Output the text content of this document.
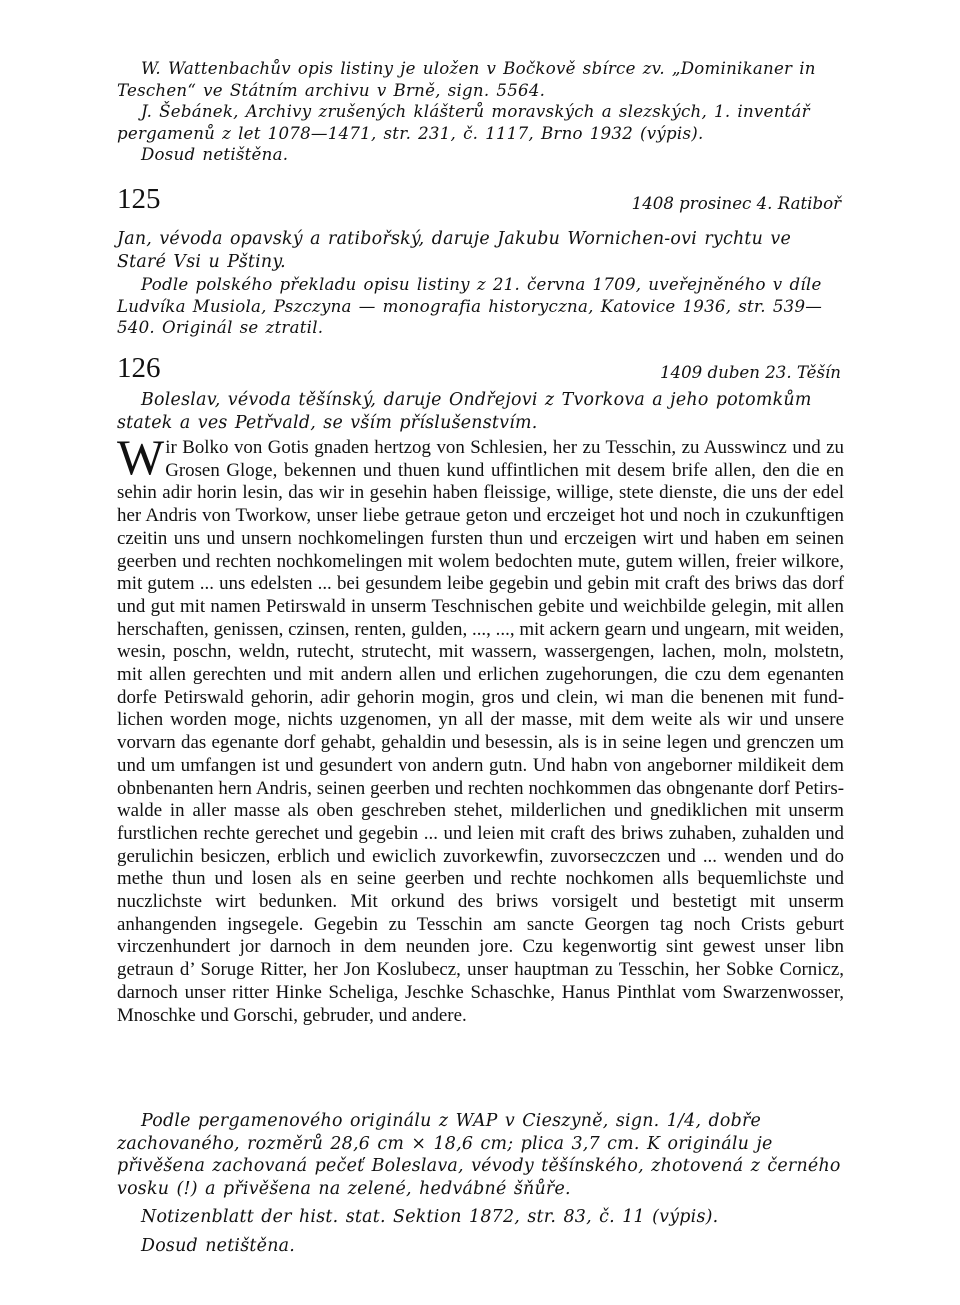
W. Wattenbachův opis listiny je uložen v Bočkově sbírce zv. „Dominikaner in Teschen“ ve Státním archivu v Brně, sign. 5564.

J. Šebánek, Archivy zrušených klášterů moravských a slezských, 1. inventář pergamenů z let 1078—1471, str. 231, č. 1117, Brno 1932 (výpis).

Dosud netištěna.

125	1408 prosinec 4. Ratiboř

Jan, vévoda opavský a ratibořský, daruje Jakubu Wornichen-ovi rychtu ve Staré Vsi u Pštiny.

Podle polského překladu opisu listiny z 21. června 1709, uveřejněného v díle Ludvíka Musiola, Pszczyna — monografia historyczna, Katovice 1936, str. 539—540. Originál se ztratil.

126	1409 duben 23. Těšín

Boleslav, vévoda těšínský, daruje Ondřejovi z Tvorkova a jeho potomkům statek a ves Petřvald, se vším příslušenstvím.

W ir Bolko von Gotis gnaden hertzog von Schlesien, her zu Tesschin, zu Ausswincz und zu Grosen Gloge, bekennen und thuen kund uffintlichen mit desem brife allen, den die en sehin adir horin lesin, das wir in gesehin haben fleissige, willige, stete dienste, die uns der edel her Andris von Tworkow, unser liebe getraue geton und erczeiget hot und noch in czukunftigen czeitin uns und unsern nochkomelingen fursten thun und erczeigen wirt und haben em seinen geerben und rechten nochkomelingen mit wolem bedochten mute, gutem willen, freier wilkore, mit gutem ... uns edelsten ... bei gesundem leibe gegebin und gebin mit craft des briws das dorf und gut mit namen Petirswald in unserm Teschnischen gebite und weichbilde gelegin, mit allen herschaften, genissen, czinsen, renten, gulden, ..., ..., mit ackern gearn und ungearn, mit weiden, wesin, poschn, weldn, rutecht, strutecht, mit wassern, wassergengen, lachen, moln, molstetn, mit allen gerechten und mit andern allen und erlichen zugehorungen, die czu dem egenanten dorfe Petirswald gehorin, adir gehorin mogin, gros und clein, wi man die benenen mit fundlichen worden moge, nichts uzgenomen, yn all der masse, mit dem weite als wir und unsere vorvarn das egenante dorf gehabt, gehaldin und besessin, als is in seine legen und grenczen um und um umfangen ist und gesundert von andern gutn. Und habn von angeborner mildikeit dem obnbenanten hern Andris, seinen geerben und rechten nochkommen das obngenante dorf Petirswalde in aller masse als oben geschreben stehet, milderlichen und gnediklichen mit unserm furstlichen rechte gerechet und gegebin ... und leien mit craft des briws zuhaben, zuhalden und gerulichin besiczen, erblich und ewiclich zuvorkewfin, zuvorseczczen und ... wenden und do methe thun und losen als en seine geerben und rechte nochkomen alls bequemlichste und nuczlichste wirt bedunken. Mit orkund des briws vorsigelt und bestetigt mit unserm anhangenden ingsegele. Gegebin zu Tesschin am sancte Georgen tag noch Crists geburt virczenhundert jor darnoch in dem neunden jore. Czu kegenwortig sint gewest unser libn getraun d’ Soruge Ritter, her Jon Koslubecz, unser hauptman zu Tesschin, her Sobke Cornicz, darnoch unser ritter Hinke Scheliga, Jeschke Schaschke, Hanus Pinthlat vom Swarzenwosser, Mnoschke und Gorschi, gebruder, und andere.

Podle pergamenového originálu z WAP v Cieszyně, sign. 1/4, dobře zachovaného, rozměrů 28,6 cm × 18,6 cm; plica 3,7 cm. K originálu je přivěšena zachovaná pečeť Boleslava, vévody těšínského, zhotovená z černého vosku (!) a přivěšena na zelené, hedvábné šňůře.

Notizenblatt der hist. stat. Sektion 1872, str. 83, č. 11 (výpis).

Dosud netištěna.
